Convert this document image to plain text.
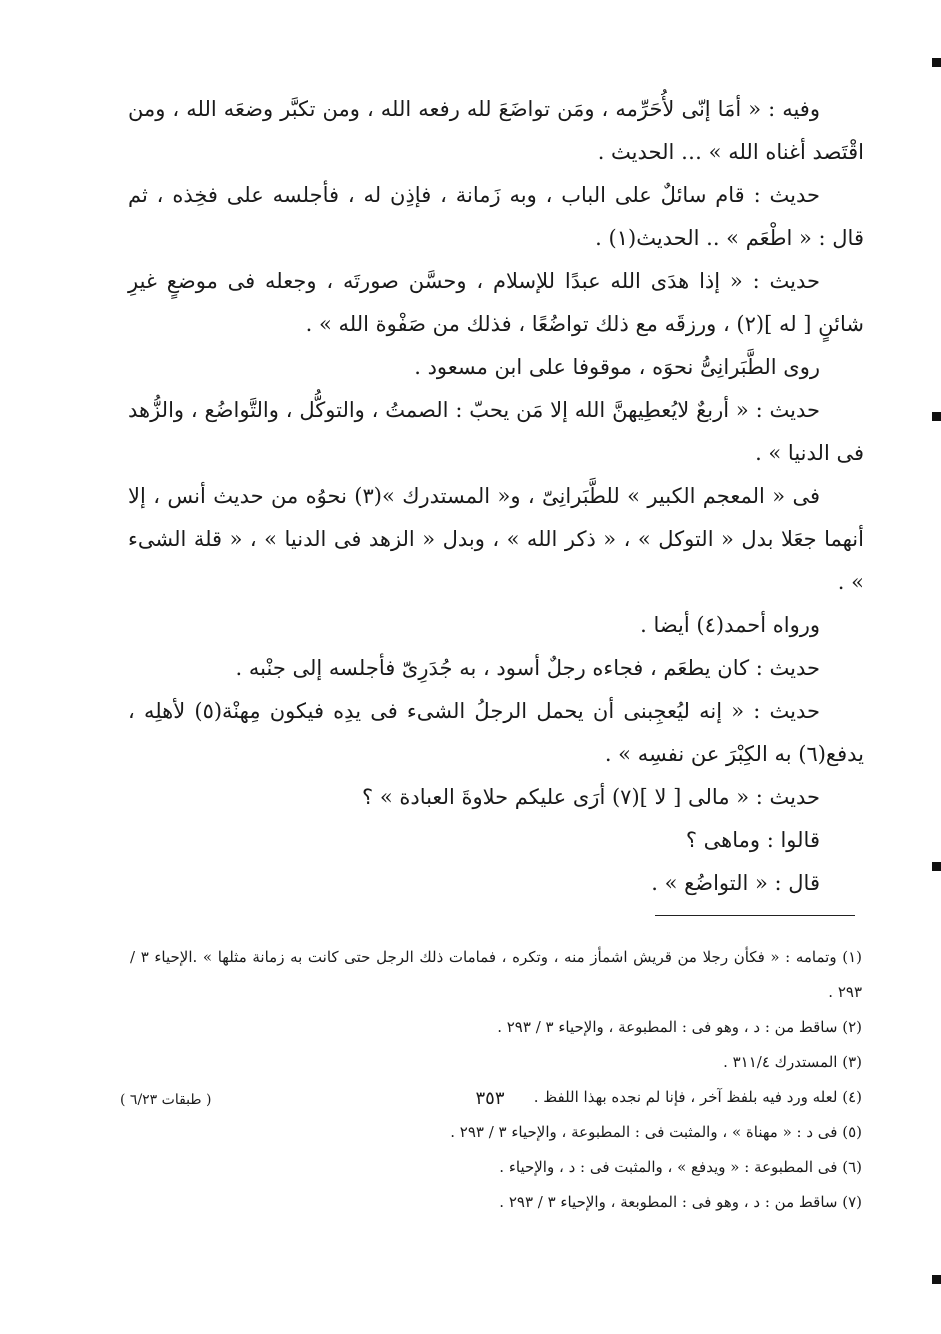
وفيه : « أمَا إنّى لأُحَرِّمه ، ومَن تواضَعَ لله رفعه الله ، ومن تكبَّر وضعَه الله ، ومن اقْتَصد أغناه الله » … الحديث .

حديث : قام سائلٌ على الباب ، وبه زَمانة ، فإذِن له ، فأجلسه على فخِذه ، ثم قال : « اطْعَم » .. الحديث(١) .

حديث : « إذا هدَى الله عبدًا للإسلام ، وحسَّن صورتَه ، وجعله فى موضعٍ غيرِ شائنٍ [ له ](٢) ، ورزقَه مع ذلك تواضُعًا ، فذلك من صَفْوة الله » .

روى الطَّبَرانِىُّ نحوَه ، موقوفا على ابن مسعود .

حديث : « أربعٌ لايُعطِيهنَّ الله إلا مَن يحبّ : الصمتُ ، والتوكُّل ، والتَّواضُع ، والزُّهد فى الدنيا » .

فى « المعجم الكبير » للطَّبَرانِىّ ، و« المستدرك »(٣) نحوُه من حديث أنس ، إلا أنهما جعَلا بدل « التوكل » ، « ذكر الله » ، وبدل « الزهد فى الدنيا » ، « قلة الشىء » .

ورواه أحمد(٤) أيضا .

حديث : كان يطعَم ، فجاءه رجلٌ أسود ، به جُدَرِىّ فأجلسه إلى جنْبه .

حديث : « إنه ليُعجِبنى أن يحمل الرجلُ الشىء فى يدِه فيكون مِهنْة(٥) لأهلِه ، يدفع(٦) به الكِبْرَ عن نفسِه » .

حديث : « مالى [ لا ](٧) أرَى عليكم حلاوةَ العبادة » ؟

قالوا : وماهى ؟

قال : « التواضُع » .

(١) وتمامه : « فكأن رجلا من قريش اشمأز منه ، وتكره ، فمامات ذلك الرجل حتى كانت به زمانة مثلها » .الإحياء ٣ / ٢٩٣ .

(٢) ساقط من : د ، وهو فى : المطبوعة ، والإحياء ٣ / ٢٩٣ .

(٣) المستدرك ٣١١/٤ .

(٤) لعله ورد فيه بلفظ آخر ، فإنا لم نجده بهذا اللفظ .

(٥) فى د : « مهناة » ، والمثبت فى : المطبوعة ، والإحياء ٣ / ٢٩٣ .

(٦) فى المطبوعة : « ويدفع » ، والمثبت فى : د ، والإحياء .

(٧) ساقط من : د ، وهو فى : المطوبعة ، والإحياء ٣ / ٢٩٣ .

٣٥٣
( طبقات ٦/٢٣ )
